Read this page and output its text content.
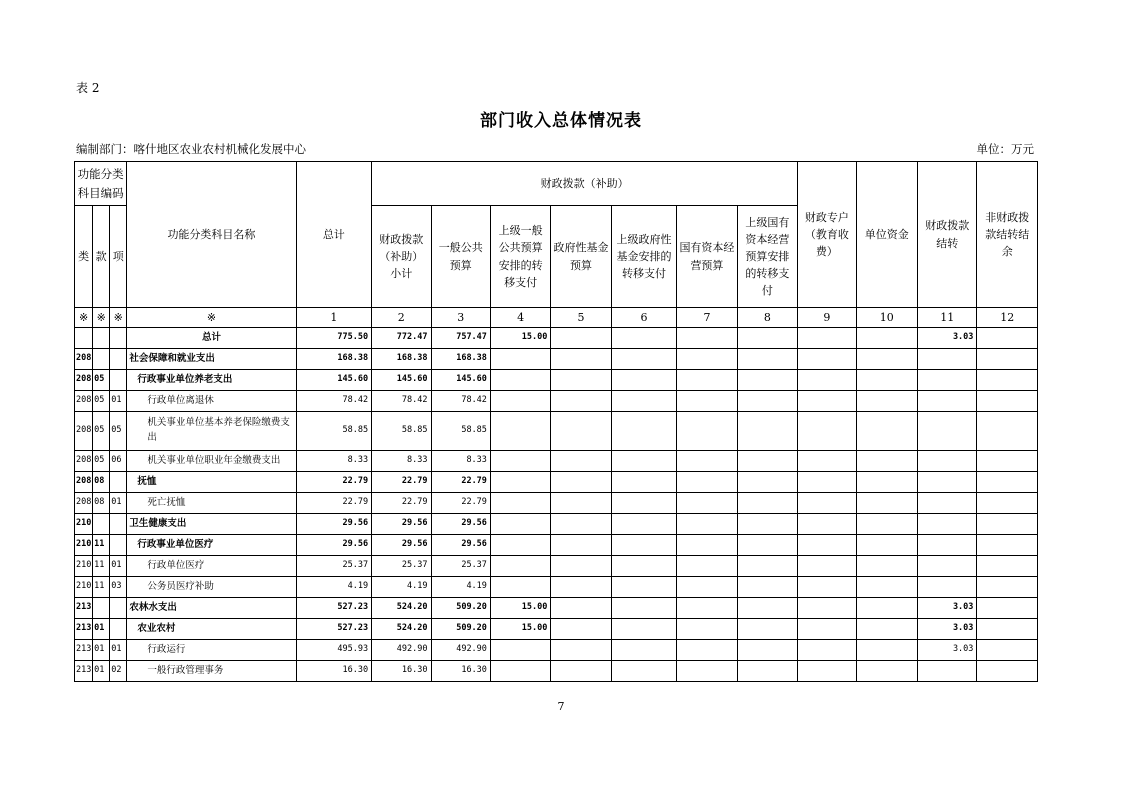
表 2
部门收入总体情况表
编制部门：喀什地区农业农村机械化发展中心	单位：万元
功能分类科目编码			功能分类科目名称	总计	财政拨款（补助）							财政专户（教育收费）	单位资金	财政拨款结转	非财政拨款结转结余
类	款	项			财政拨款（补助）小计	一般公共预算	上级一般公共预算安排的转移支付	政府性基金预算	上级政府性基金安排的转移支付	国有资本经营预算	上级国有资本经营预算安排的转移支付				
※	※	※	※	1	2	3	4	5	6	7	8	9	10	11	12
			总计	775.50	772.47	757.47	15.00							3.03	
208			社会保障和就业支出	168.38	168.38	168.38									
208	05		行政事业单位养老支出	145.60	145.60	145.60									
208	05	01	行政单位离退休	78.42	78.42	78.42									
208	05	05	机关事业单位基本养老保险缴费支出	58.85	58.85	58.85									
208	05	06	机关事业单位职业年金缴费支出	8.33	8.33	8.33									
208	08		抚恤	22.79	22.79	22.79									
208	08	01	死亡抚恤	22.79	22.79	22.79									
210			卫生健康支出	29.56	29.56	29.56									
210	11		行政事业单位医疗	29.56	29.56	29.56									
210	11	01	行政单位医疗	25.37	25.37	25.37									
210	11	03	公务员医疗补助	4.19	4.19	4.19									
213			农林水支出	527.23	524.20	509.20	15.00							3.03	
213	01		农业农村	527.23	524.20	509.20	15.00							3.03	
213	01	01	行政运行	495.93	492.90	492.90								3.03	
213	01	02	一般行政管理事务	16.30	16.30	16.30									
7
